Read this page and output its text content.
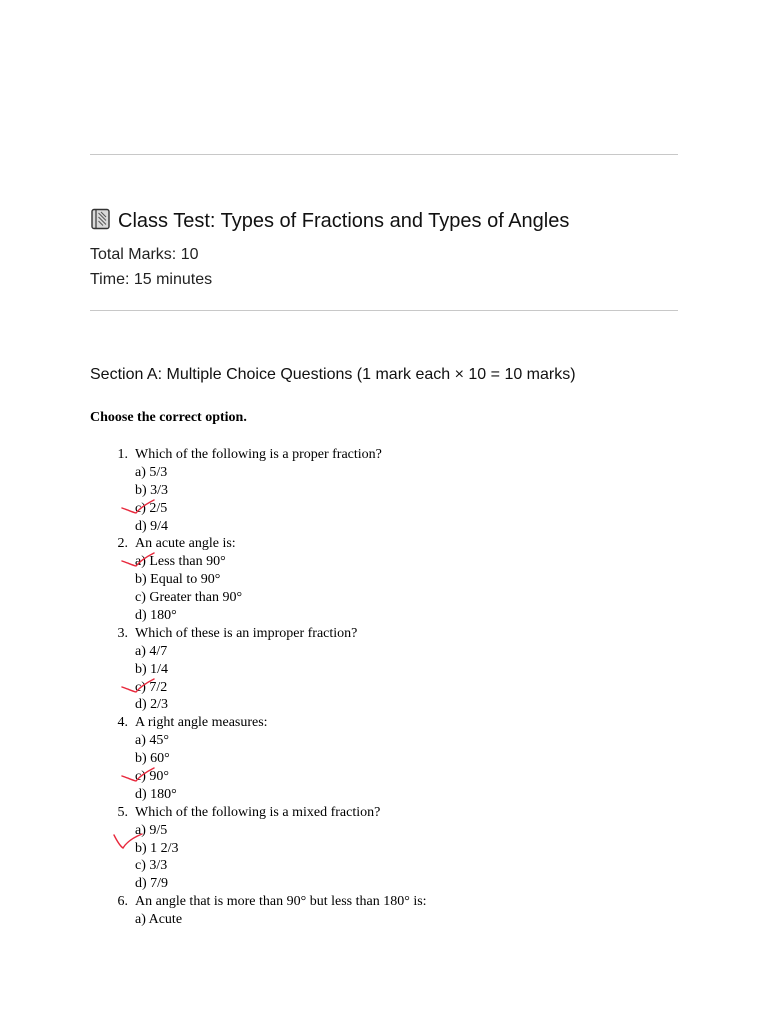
Class Test: Types of Fractions and Types of Angles
Total Marks: 10
Time: 15 minutes
Section A: Multiple Choice Questions (1 mark each × 10 = 10 marks)
Choose the correct option.
1. Which of the following is a proper fraction?
a) 5/3
b) 3/3
c) 2/5
d) 9/4
2. An acute angle is:
a) Less than 90°
b) Equal to 90°
c) Greater than 90°
d) 180°
3. Which of these is an improper fraction?
a) 4/7
b) 1/4
c) 7/2
d) 2/3
4. A right angle measures:
a) 45°
b) 60°
c) 90°
d) 180°
5. Which of the following is a mixed fraction?
a) 9/5
b) 1 2/3
c) 3/3
d) 7/9
6. An angle that is more than 90° but less than 180° is:
a) Acute
